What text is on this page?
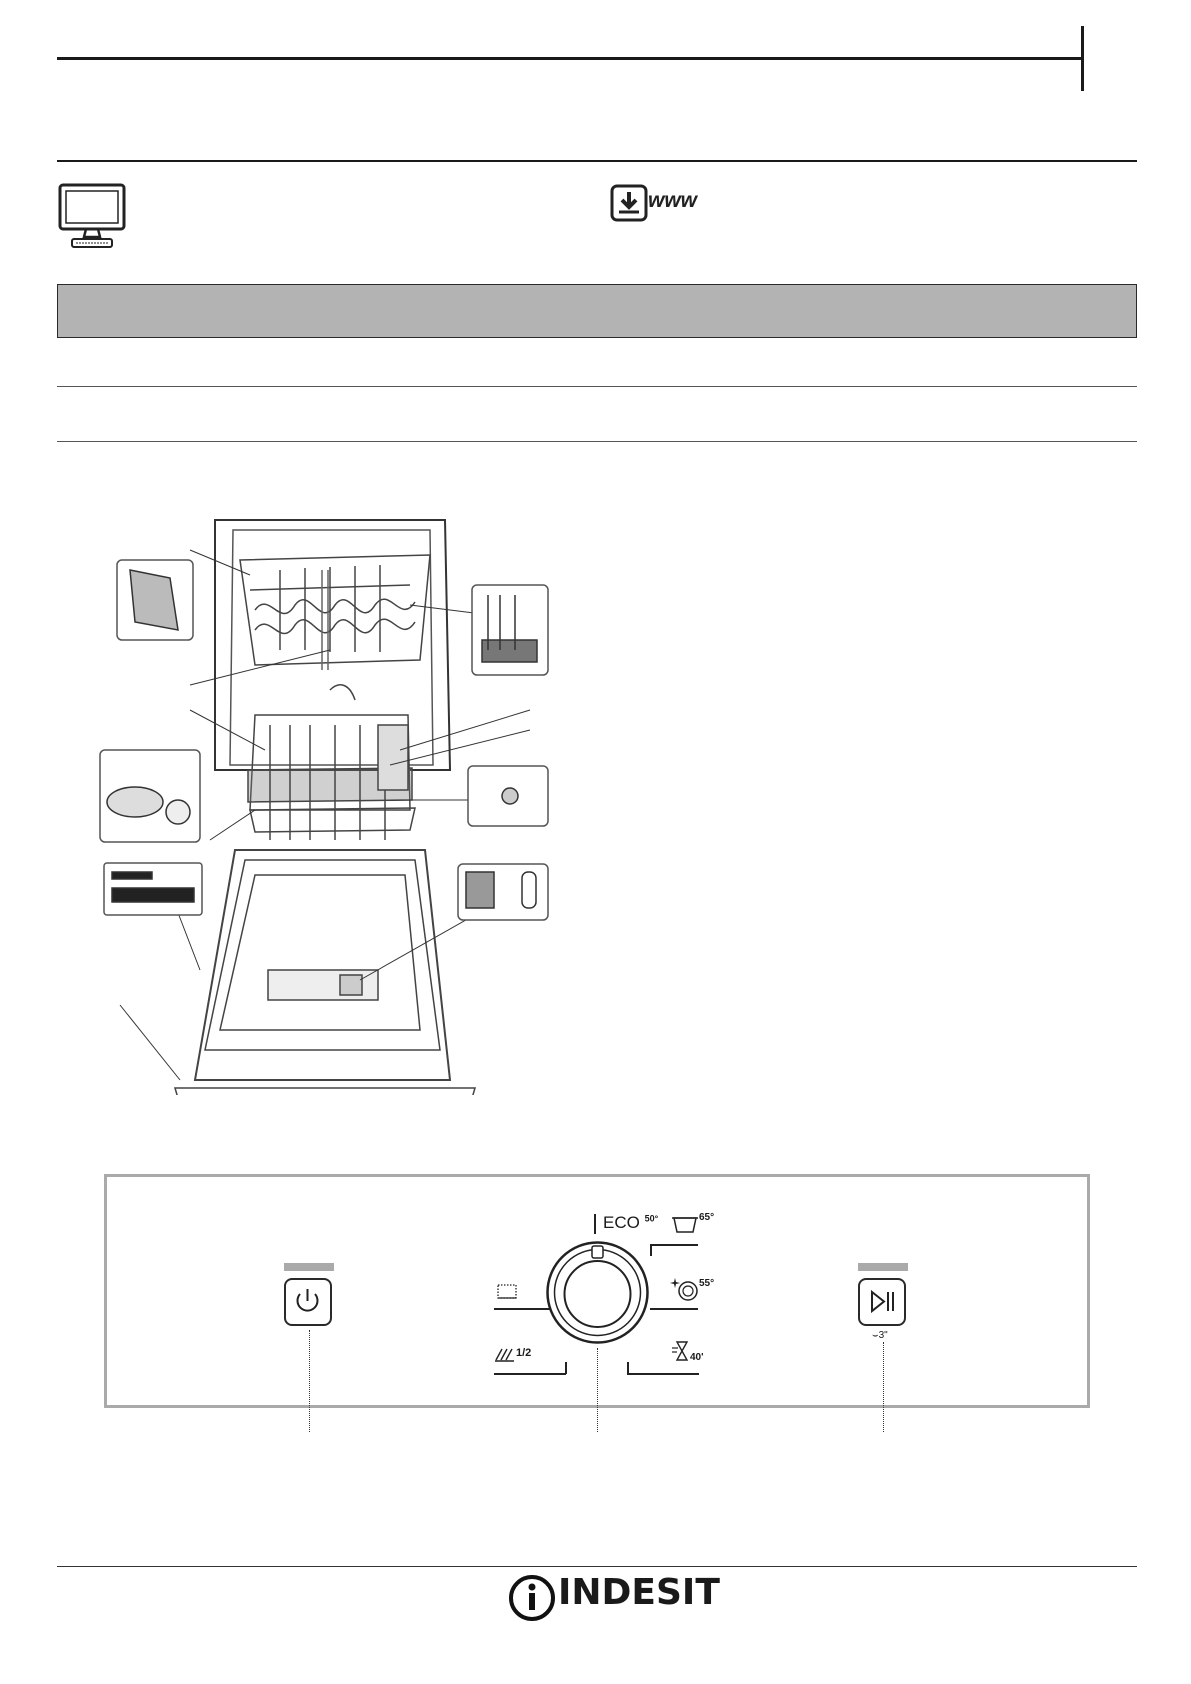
www
⌣3"
ECO $^{50^\circ}$	65°
55°
1/2	40'
INDESIT
